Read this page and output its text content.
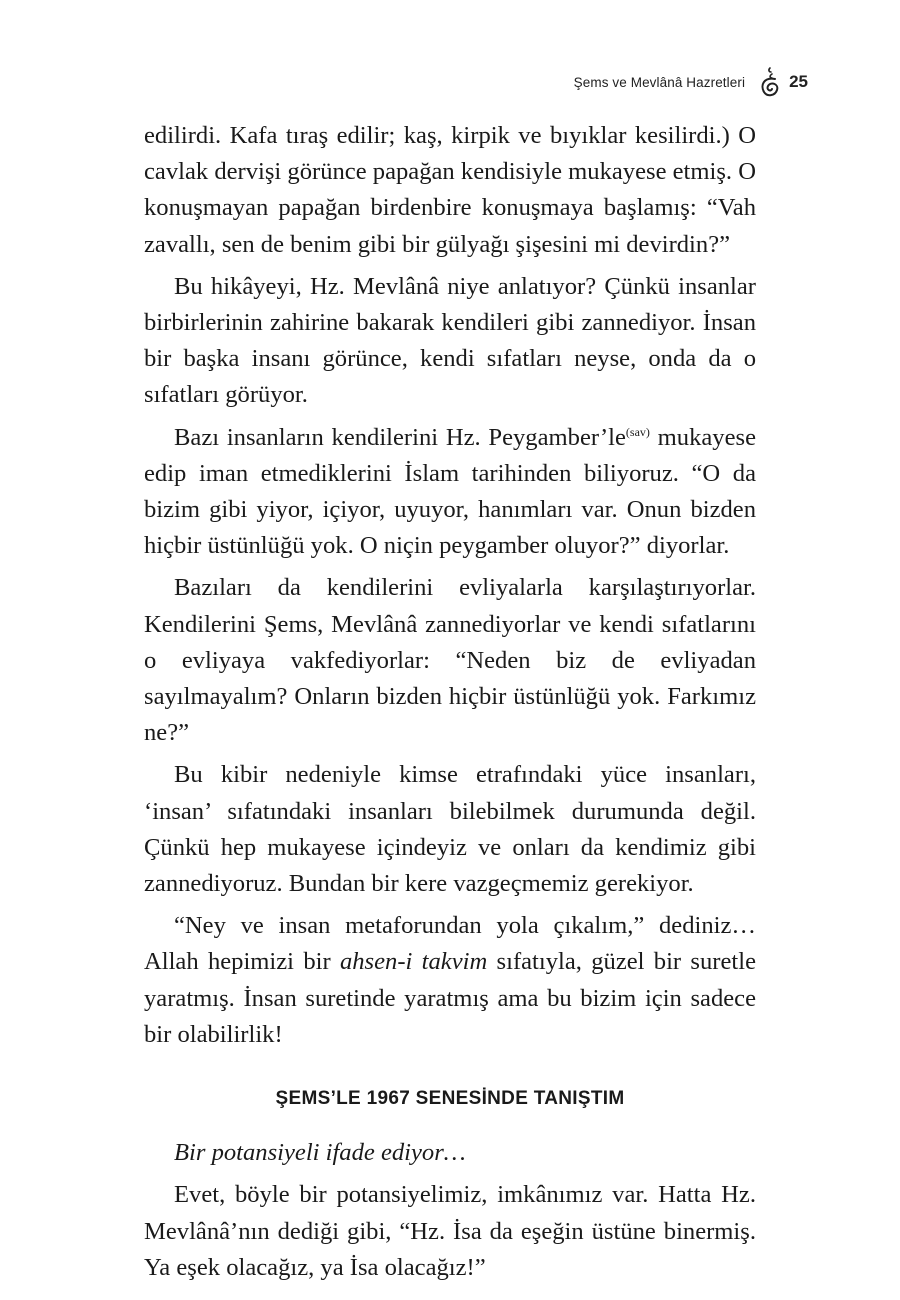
Şems ve Mevlânâ Hazretleri	25

edilirdi. Kafa tıraş edilir; kaş, kirpik ve bıyıklar kesilirdi.) O cavlak dervişi görünce papağan kendisiyle mukayese etmiş. O konuşmayan papağan birdenbire konuşmaya başlamış: “Vah zavallı, sen de benim gibi bir gülyağı şişesini mi devirdin?”

Bu hikâyeyi, Hz. Mevlânâ niye anlatıyor? Çünkü insanlar birbirlerinin zahirine bakarak kendileri gibi zannediyor. İnsan bir başka insanı görünce, kendi sıfatları neyse, onda da o sıfatları görüyor.

Bazı insanların kendilerini Hz. $Peygamber’le^{(sav)}$ mukayese edip iman etmediklerini İslam tarihinden biliyoruz. “O da bizim gibi yiyor, içiyor, uyuyor, hanımları var. Onun bizden hiçbir üstünlüğü yok. O niçin peygamber oluyor?” diyorlar.

Bazıları da kendilerini evliyalarla karşılaştırıyorlar. Kendilerini Şems, Mevlânâ zannediyorlar ve kendi sıfatlarını o evliyaya vakfediyorlar: “Neden biz de evliyadan sayılmayalım? Onların bizden hiçbir üstünlüğü yok. Farkımız ne?”

Bu kibir nedeniyle kimse etrafındaki yüce insanları, ‘insan’ sıfatındaki insanları bilebilmek durumunda değil. Çünkü hep mukayese içindeyiz ve onları da kendimiz gibi zannediyoruz. Bundan bir kere vazgeçmemiz gerekiyor.

“Ney ve insan metaforundan yola çıkalım,” dediniz… Allah hepimizi bir ahsen-i takvim sıfatıyla, güzel bir suretle yaratmış. İnsan suretinde yaratmış ama bu bizim için sadece bir olabilirlik!

ŞEMS’LE 1967 SENESİNDE TANIŞTIM

Bir potansiyeli ifade ediyor…

Evet, böyle bir potansiyelimiz, imkânımız var. Hatta Hz. Mevlânâ’nın dediği gibi, “Hz. İsa da eşeğin üstüne binermiş. Ya eşek olacağız, ya İsa olacağız!”
